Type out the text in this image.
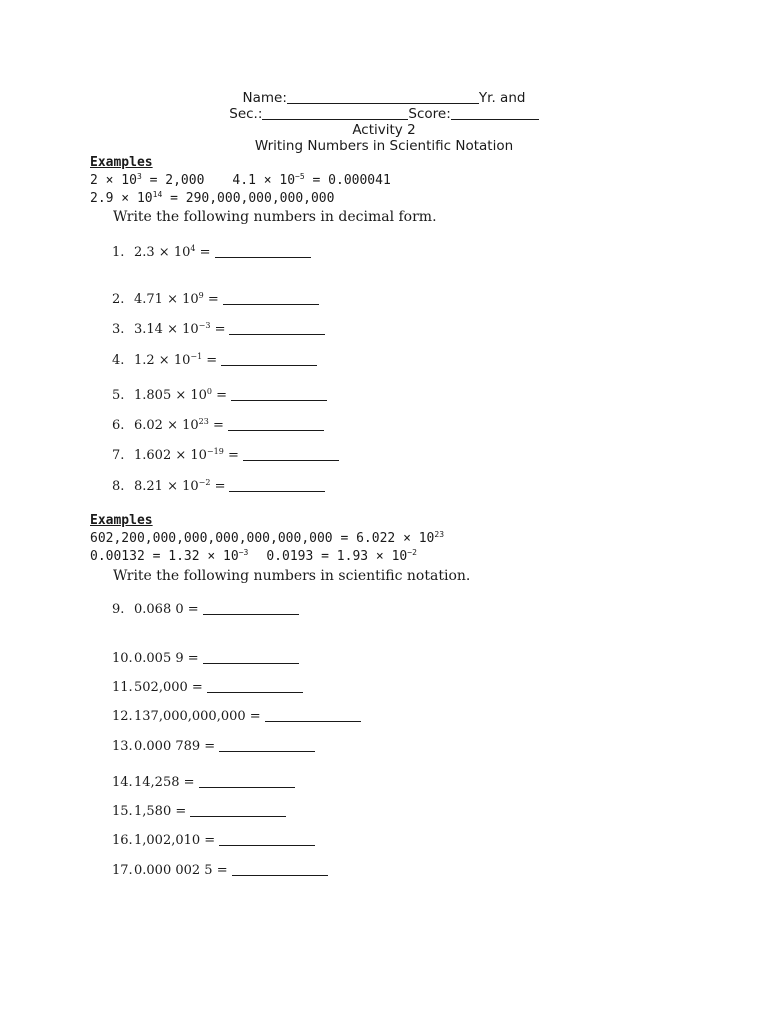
Name:	Yr. and
Sec.:	Score:
Activity 2
Writing Numbers in Scientific Notation
Examples
$2 \times 10^3 = 2,000$ $4.1 \times 10^{-5} = 0.000041$
$2.9 \times 10^{14} = 290,000,000,000,000$
Write the following numbers in decimal form.
1. $2.3 \times 10^4$ =
2. $4.71 \times 10^9$ =
3. $3.14 \times 10^{-3}$ =
4. $1.2 \times 10^{-1}$ =
5. $1.805 \times 10^0$ =
6. $6.02 \times 10^{23}$ =
7. $1.602 \times 10^{-19}$ =
8. $8.21 \times 10^{-2}$ =
Examples
$602,200,000,000,000,000,000,000 = 6.022 \times 10^{23}$
$0.00132 = 1.32 \times 10^{-3}$ $0.0193 = 1.93 \times 10^{-2}$
Write the following numbers in scientific notation.
9. 0.068 0 =
10.0.005 9 =
11.502,000 =
12.137,000,000,000 =
13.0.000 789 =
14.14,258 =
15.1,580 =
16.1,002,010 =
17.0.000 002 5 =
